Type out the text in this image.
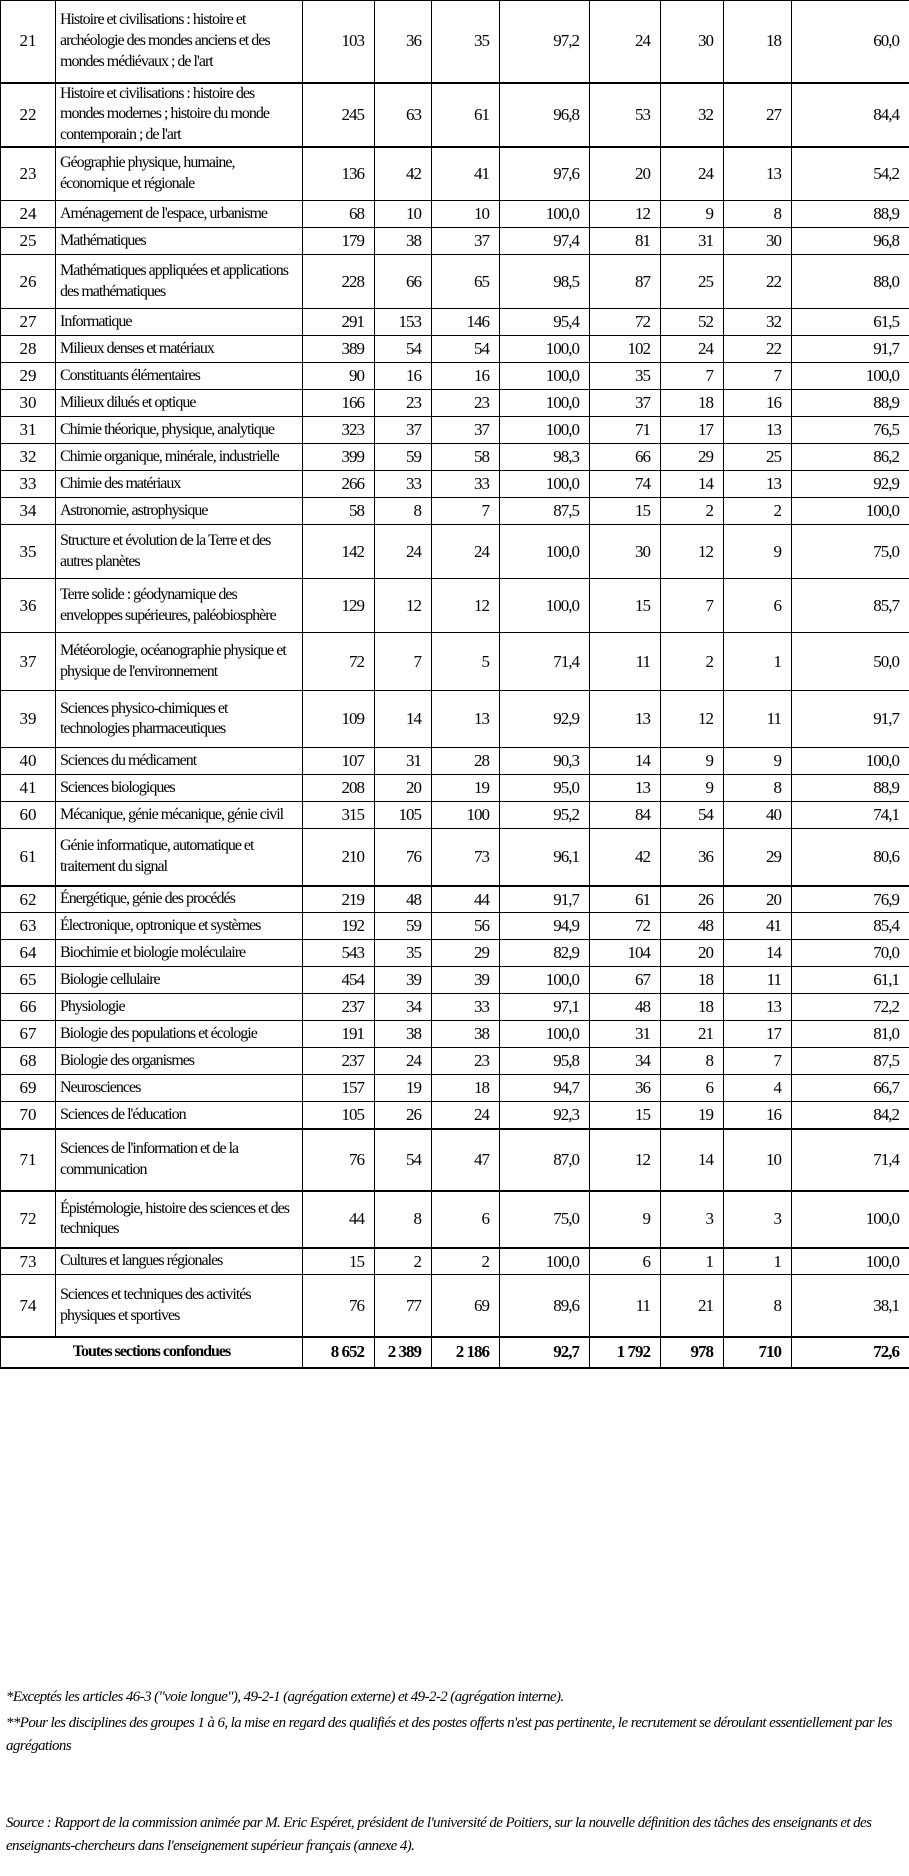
21	Histoire et civilisations : histoire et archéologie des mondes anciens et des mondes médiévaux ; de l'art	103	36	35	97,2	24	30	18	60,0
22	Histoire et civilisations : histoire des mondes modernes ; histoire du monde contemporain ; de l'art	245	63	61	96,8	53	32	27	84,4
23	Géographie physique, humaine, économique et régionale	136	42	41	97,6	20	24	13	54,2
24	Aménagement de l'espace, urbanisme	68	10	10	100,0	12	9	8	88,9
25	Mathématiques	179	38	37	97,4	81	31	30	96,8
26	Mathématiques appliquées et applications des mathématiques	228	66	65	98,5	87	25	22	88,0
27	Informatique	291	153	146	95,4	72	52	32	61,5
28	Milieux denses et matériaux	389	54	54	100,0	102	24	22	91,7
29	Constituants élémentaires	90	16	16	100,0	35	7	7	100,0
30	Milieux dilués et optique	166	23	23	100,0	37	18	16	88,9
31	Chimie théorique, physique, analytique	323	37	37	100,0	71	17	13	76,5
32	Chimie organique, minérale, industrielle	399	59	58	98,3	66	29	25	86,2
33	Chimie des matériaux	266	33	33	100,0	74	14	13	92,9
34	Astronomie, astrophysique	58	8	7	87,5	15	2	2	100,0
35	Structure et évolution de la Terre et des autres planètes	142	24	24	100,0	30	12	9	75,0
36	Terre solide : géodynamique des enveloppes supérieures, paléobiosphère	129	12	12	100,0	15	7	6	85,7
37	Météorologie, océanographie physique et physique de l'environnement	72	7	5	71,4	11	2	1	50,0
39	Sciences physico-chimiques et technologies pharmaceutiques	109	14	13	92,9	13	12	11	91,7
40	Sciences du médicament	107	31	28	90,3	14	9	9	100,0
41	Sciences biologiques	208	20	19	95,0	13	9	8	88,9
60	Mécanique, génie mécanique, génie civil	315	105	100	95,2	84	54	40	74,1
61	Génie informatique, automatique et traitement du signal	210	76	73	96,1	42	36	29	80,6
62	Énergétique, génie des procédés	219	48	44	91,7	61	26	20	76,9
63	Électronique, optronique et systèmes	192	59	56	94,9	72	48	41	85,4
64	Biochimie et biologie moléculaire	543	35	29	82,9	104	20	14	70,0
65	Biologie cellulaire	454	39	39	100,0	67	18	11	61,1
66	Physiologie	237	34	33	97,1	48	18	13	72,2
67	Biologie des populations et écologie	191	38	38	100,0	31	21	17	81,0
68	Biologie des organismes	237	24	23	95,8	34	8	7	87,5
69	Neurosciences	157	19	18	94,7	36	6	4	66,7
70	Sciences de l'éducation	105	26	24	92,3	15	19	16	84,2
71	Sciences de l'information et de la communication	76	54	47	87,0	12	14	10	71,4
72	Épistémologie, histoire des sciences et des techniques	44	8	6	75,0	9	3	3	100,0
73	Cultures et langues régionales	15	2	2	100,0	6	1	1	100,0
74	Sciences et techniques des activités physiques et sportives	76	77	69	89,6	11	21	8	38,1
Toutes sections confondues		8 652	2 389	2 186	92,7	1 792	978	710	72,6
*Exceptés les articles 46-3 ("voie longue"), 49-2-1 (agrégation externe) et 49-2-2 (agrégation interne).
**Pour les disciplines des groupes 1 à 6, la mise en regard des qualifiés et des postes offerts n'est pas pertinente, le recrutement se déroulant essentiellement par les agrégations
Source : Rapport de la commission animée par M. Eric Espéret, président de l'université de Poitiers, sur la nouvelle définition des tâches des enseignants et des enseignants-chercheurs dans l'enseignement supérieur français (annexe 4).
